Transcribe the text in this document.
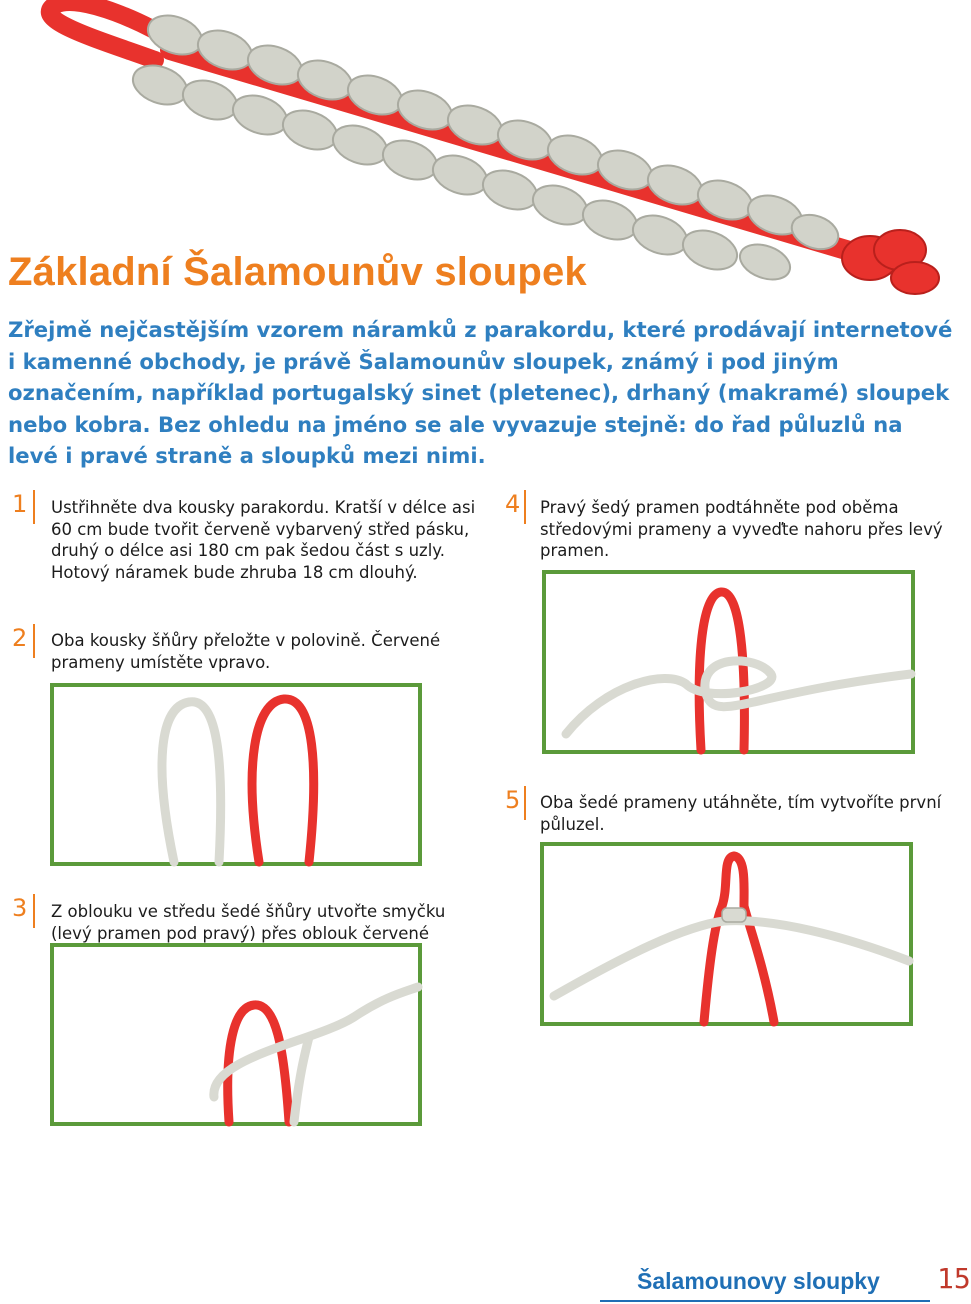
Základní Šalamounův sloupek
Zřejmě nejčastějším vzorem náramků z parakordu, které prodávají internetové i kamenné obchody, je právě Šalamounův sloupek, známý i pod jiným označením, například portugalský sinet (pletenec), drhaný (makramé) sloupek nebo kobra. Bez ohledu na jméno se ale vyvazuje stejně: do řad půluzlů na levé i pravé straně a sloupků mezi nimi.
1 Ustřihněte dva kousky parakordu. Kratší v délce asi 60 cm bude tvořit červeně vybarvený střed pásku, druhý o délce asi 180 cm pak šedou část s uzly. Hotový náramek bude zhruba 18 cm dlouhý.
2 Oba kousky šňůry přeložte v polovině. Červené prameny umístěte vpravo.
3 Z oblouku ve středu šedé šňůry utvořte smyčku (levý pramen pod pravý) přes oblouk červené
4 Pravý šedý pramen podtáhněte pod oběma středovými prameny a vyveďte nahoru přes levý pramen.
5 Oba šedé prameny utáhněte, tím vytvoříte první půluzel.
Šalamounovy sloupky 15
